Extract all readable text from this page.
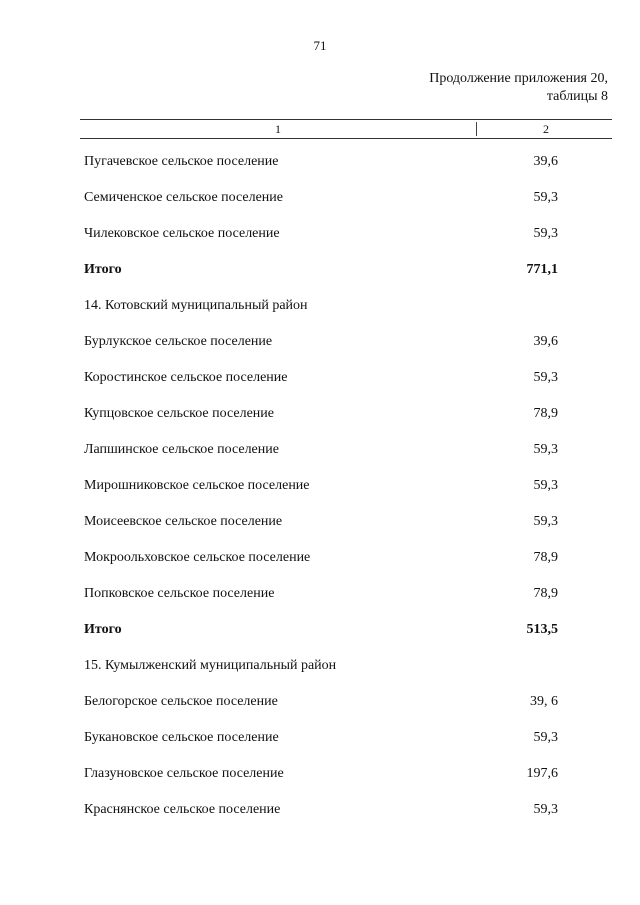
71
Продолжение приложения 20,
таблицы 8
1	2
Пугачевское сельское поселение	39,6
Семиченское сельское поселение	59,3
Чилековское сельское поселение	59,3
Итого	771,1
14. Котовский муниципальный район
Бурлукское сельское поселение	39,6
Коростинское сельское поселение	59,3
Купцовское сельское поселение	78,9
Лапшинское сельское поселение	59,3
Мирошниковское сельское поселение	59,3
Моисеевское сельское поселение	59,3
Мокроольховское сельское поселение	78,9
Попковское сельское поселение	78,9
Итого	513,5
15. Кумылженский муниципальный район
Белогорское сельское поселение	39, 6
Букановское сельское поселение	59,3
Глазуновское сельское поселение	197,6
Краснянское сельское поселение	59,3
